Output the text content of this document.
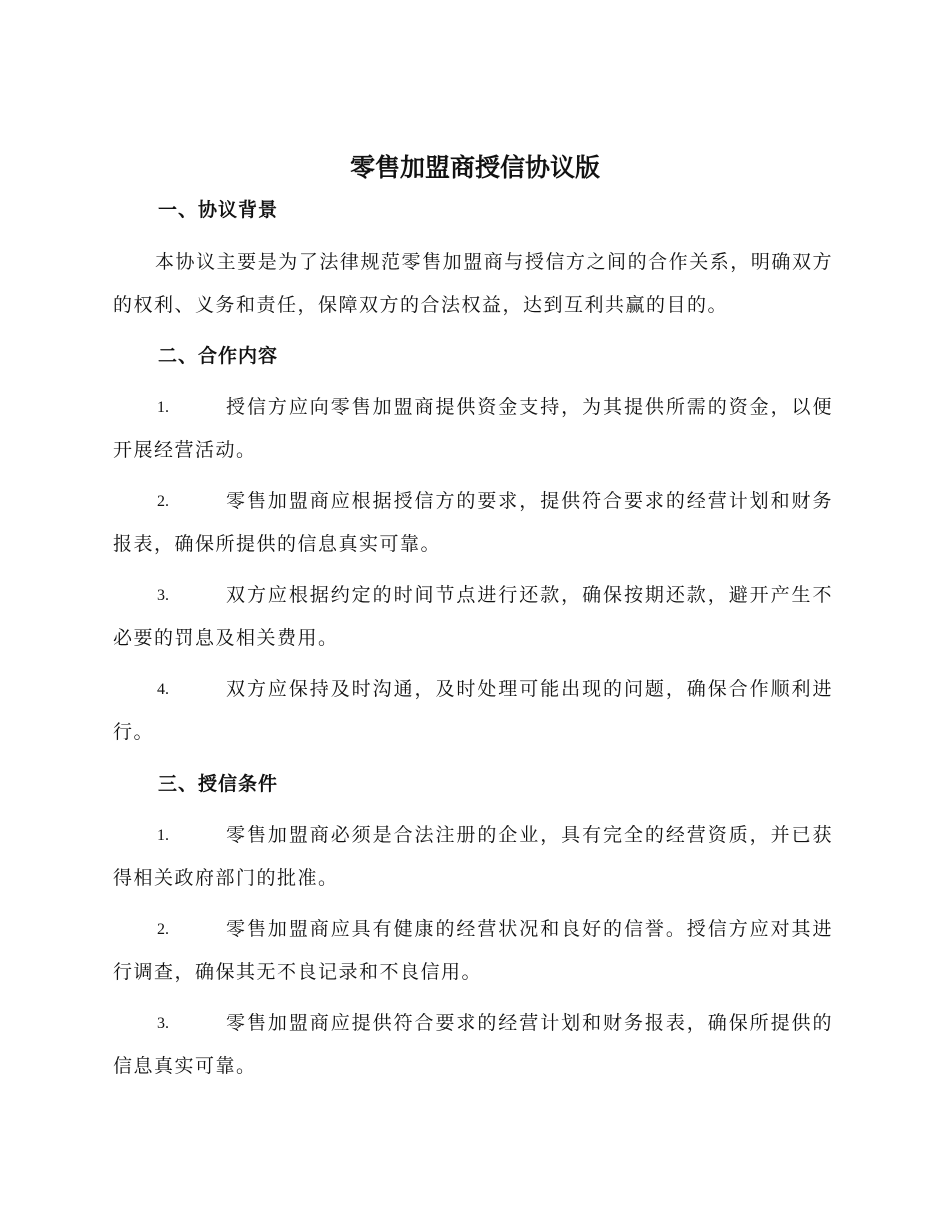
零售加盟商授信协议版
一、协议背景
本协议主要是为了法律规范零售加盟商与授信方之间的合作关系，明确双方的权利、义务和责任，保障双方的合法权益，达到互利共赢的目的。
二、合作内容
1.	授信方应向零售加盟商提供资金支持，为其提供所需的资金，以便开展经营活动。
2.	零售加盟商应根据授信方的要求，提供符合要求的经营计划和财务报表，确保所提供的信息真实可靠。
3.	双方应根据约定的时间节点进行还款，确保按期还款，避开产生不必要的罚息及相关费用。
4.	双方应保持及时沟通，及时处理可能出现的问题，确保合作顺利进行。
三、授信条件
1.	零售加盟商必须是合法注册的企业，具有完全的经营资质，并已获得相关政府部门的批准。
2.	零售加盟商应具有健康的经营状况和良好的信誉。授信方应对其进行调查，确保其无不良记录和不良信用。
3.	零售加盟商应提供符合要求的经营计划和财务报表，确保所提供的信息真实可靠。
